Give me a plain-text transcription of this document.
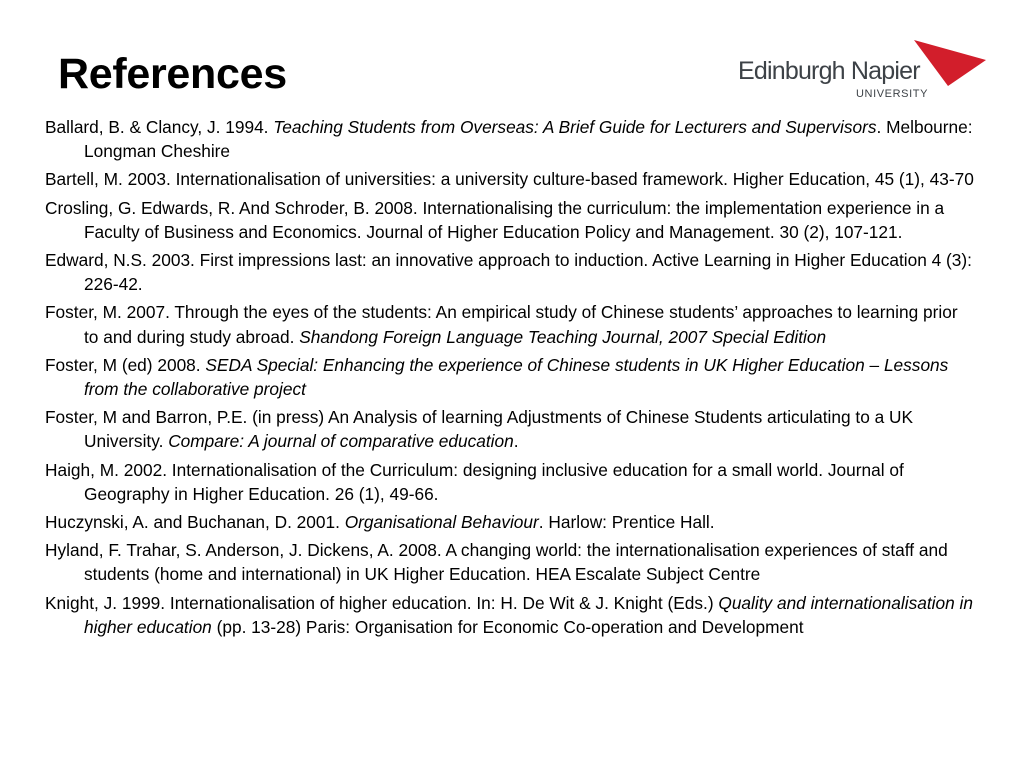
References	Edinburgh Napier
UNIVERSITY
Ballard, B. & Clancy, J. 1994. Teaching Students from Overseas: A Brief Guide for Lecturers and Supervisors. Melbourne: Longman Cheshire
Bartell, M. 2003. Internationalisation of universities: a university culture-based framework. Higher Education, 45 (1), 43-70
Crosling, G. Edwards, R. And Schroder, B. 2008. Internationalising the curriculum: the implementation experience in a Faculty of Business and Economics. Journal of Higher Education Policy and Management. 30 (2), 107-121.
Edward, N.S. 2003. First impressions last: an innovative approach to induction. Active Learning in Higher Education 4 (3): 226-42.
Foster, M. 2007. Through the eyes of the students: An empirical study of Chinese students’ approaches to learning prior to and during study abroad. Shandong Foreign Language Teaching Journal, 2007 Special Edition
Foster, M (ed) 2008. SEDA Special: Enhancing the experience of Chinese students in UK Higher Education – Lessons from the collaborative project
Foster, M and Barron, P.E. (in press) An Analysis of learning Adjustments of Chinese Students articulating to a UK University. Compare: A journal of comparative education.
Haigh, M. 2002. Internationalisation of the Curriculum: designing inclusive education for a small world. Journal of Geography in Higher Education. 26 (1), 49-66.
Huczynski, A. and Buchanan, D. 2001. Organisational Behaviour. Harlow: Prentice Hall.
Hyland, F. Trahar, S. Anderson, J. Dickens, A. 2008. A changing world: the internationalisation experiences of staff and students (home and international) in UK Higher Education. HEA Escalate Subject Centre
Knight, J. 1999. Internationalisation of higher education. In: H. De Wit & J. Knight (Eds.) Quality and internationalisation in higher education (pp. 13-28) Paris: Organisation for Economic Co-operation and Development
